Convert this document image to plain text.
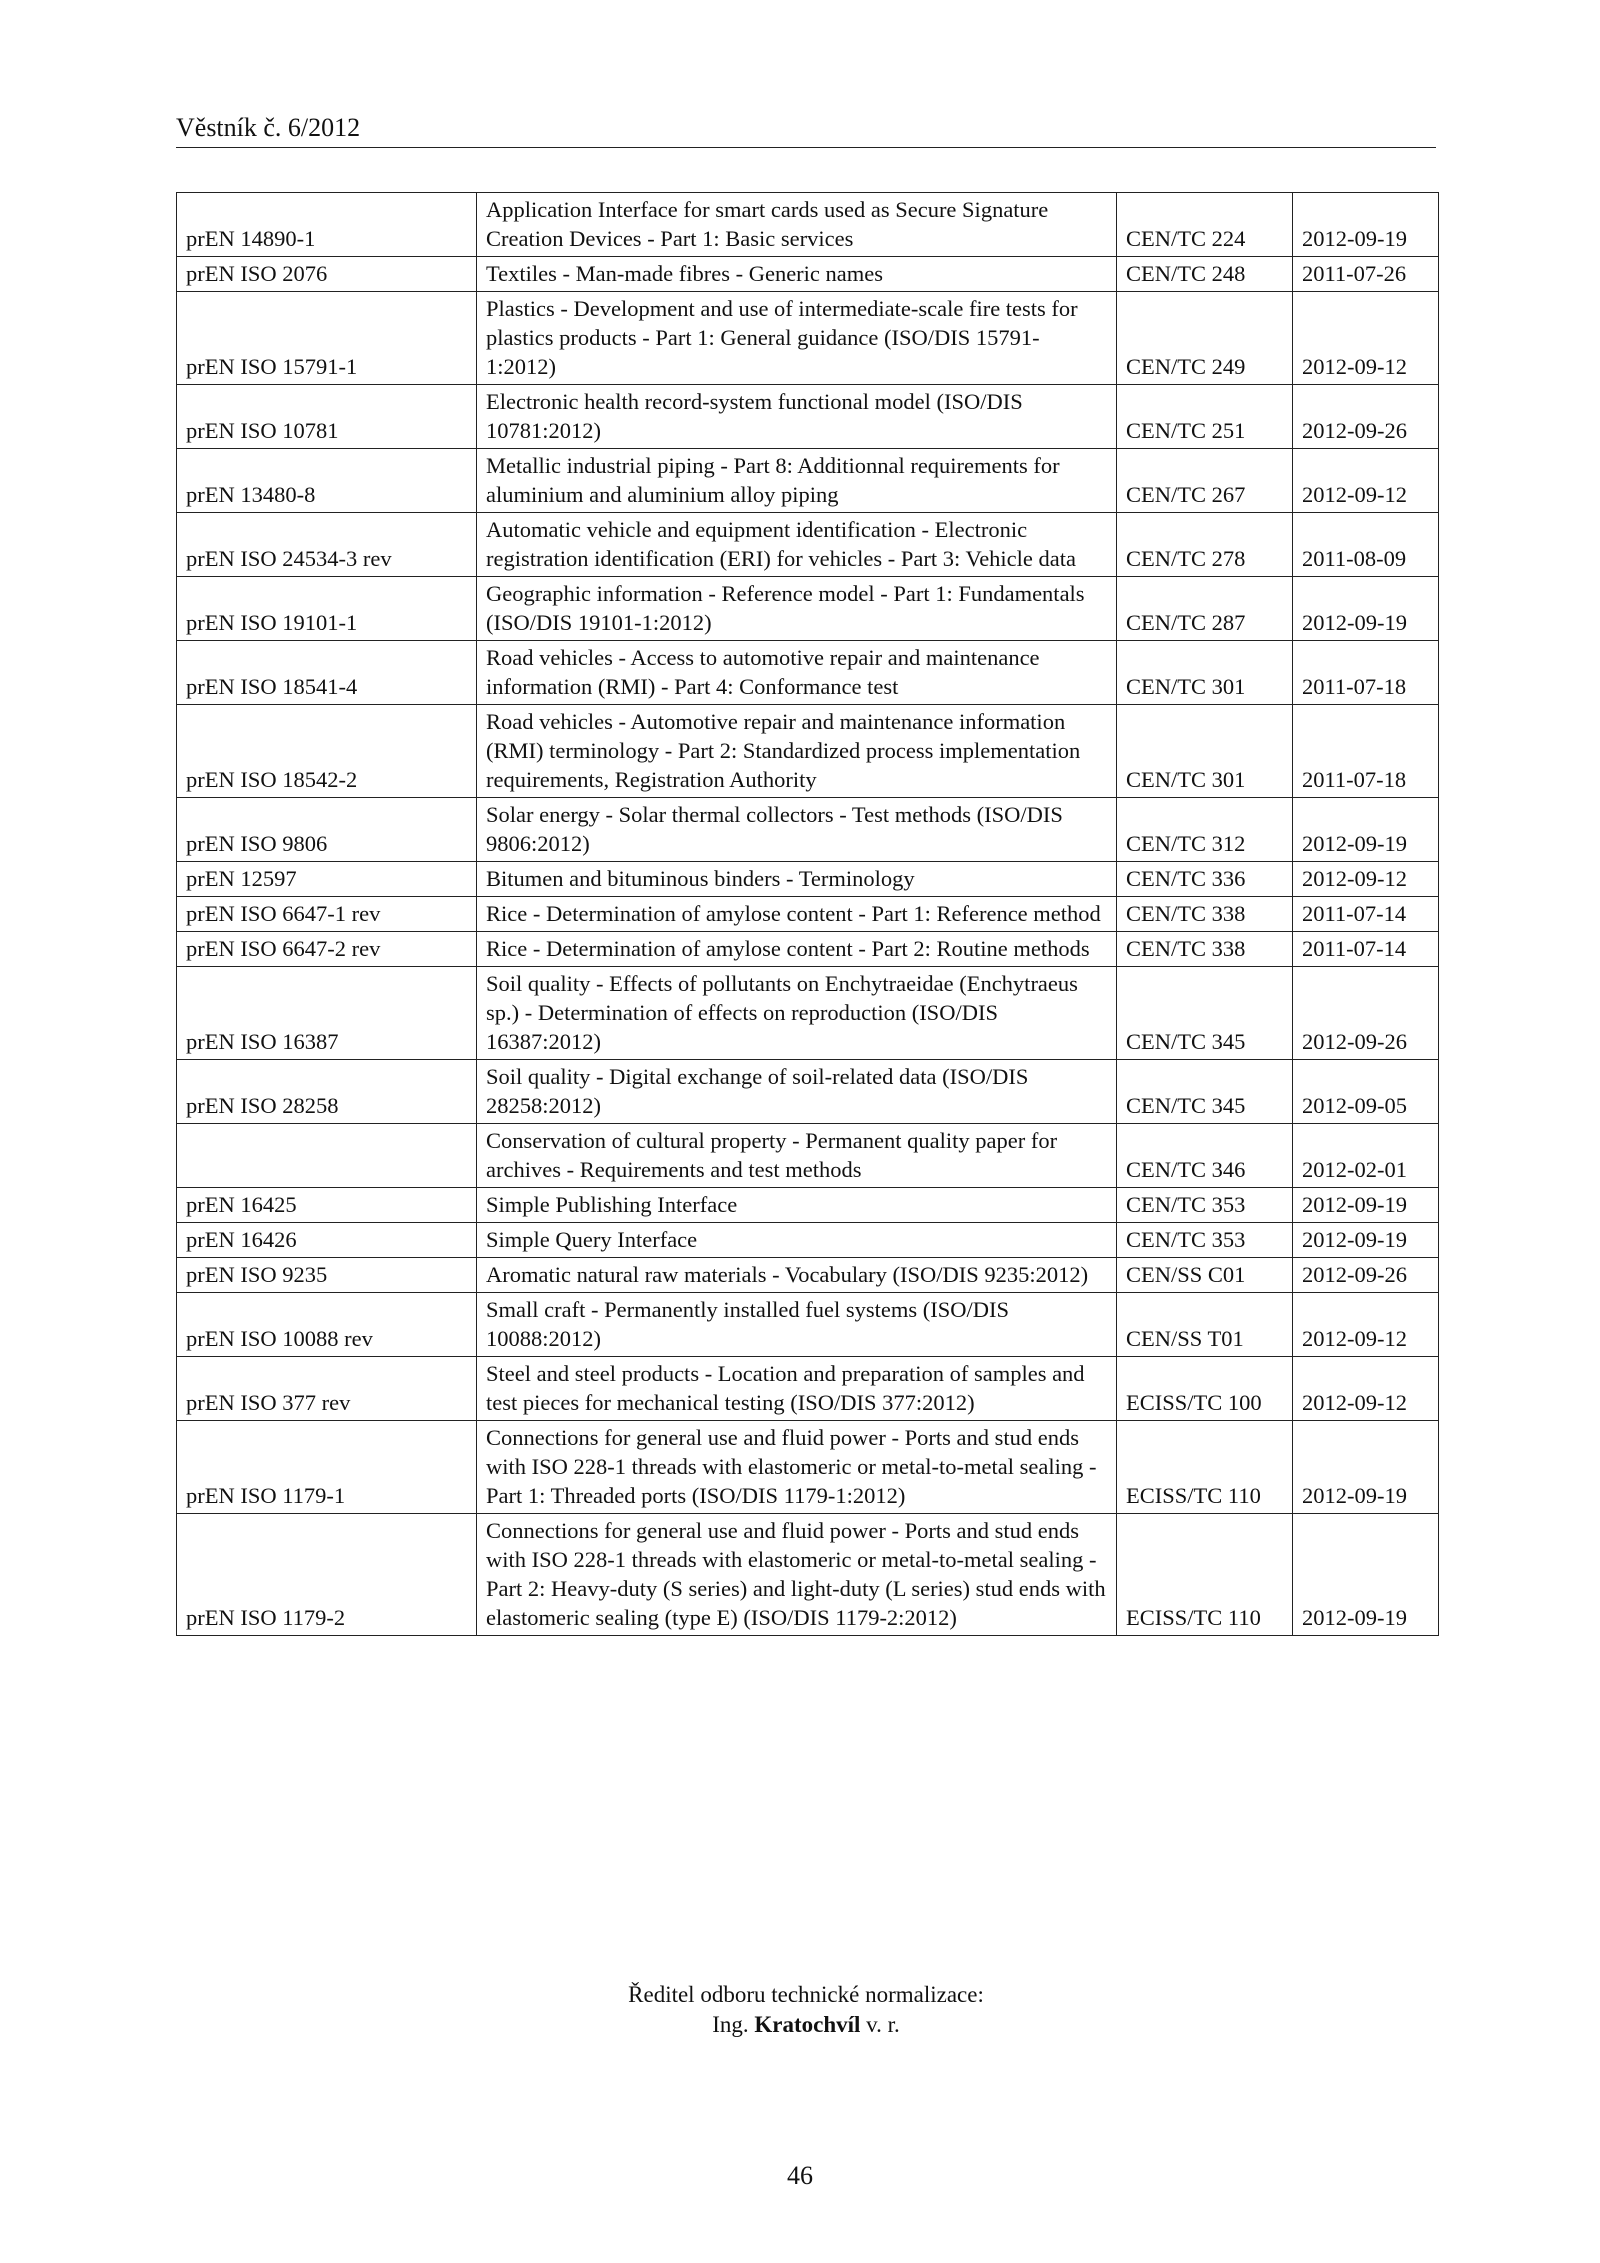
Věstník č. 6/2012
prEN 14890-1	Application Interface for smart cards used as Secure Signature Creation Devices - Part 1: Basic services	CEN/TC 224	2012-09-19
prEN ISO 2076	Textiles - Man-made fibres - Generic names	CEN/TC 248	2011-07-26
prEN ISO 15791-1	Plastics - Development and use of intermediate-scale fire tests for plastics products - Part 1: General guidance (ISO/DIS 15791-1:2012)	CEN/TC 249	2012-09-12
prEN ISO 10781	Electronic health record-system functional model (ISO/DIS 10781:2012)	CEN/TC 251	2012-09-26
prEN 13480-8	Metallic industrial piping - Part 8: Additionnal requirements for aluminium and aluminium alloy piping	CEN/TC 267	2012-09-12
prEN ISO 24534-3 rev	Automatic vehicle and equipment identification - Electronic registration identification (ERI) for vehicles - Part 3: Vehicle data	CEN/TC 278	2011-08-09
prEN ISO 19101-1	Geographic information - Reference model - Part 1: Fundamentals (ISO/DIS 19101-1:2012)	CEN/TC 287	2012-09-19
prEN ISO 18541-4	Road vehicles - Access to automotive repair and maintenance information (RMI) - Part 4: Conformance test	CEN/TC 301	2011-07-18
prEN ISO 18542-2	Road vehicles - Automotive repair and maintenance information (RMI) terminology - Part 2: Standardized process implementation requirements, Registration Authority	CEN/TC 301	2011-07-18
prEN ISO 9806	Solar energy - Solar thermal collectors - Test methods (ISO/DIS 9806:2012)	CEN/TC 312	2012-09-19
prEN 12597	Bitumen and bituminous binders - Terminology	CEN/TC 336	2012-09-12
prEN ISO 6647-1 rev	Rice - Determination of amylose content - Part 1: Reference method	CEN/TC 338	2011-07-14
prEN ISO 6647-2 rev	Rice - Determination of amylose content - Part 2: Routine methods	CEN/TC 338	2011-07-14
prEN ISO 16387	Soil quality - Effects of pollutants on Enchytraeidae (Enchytraeus sp.) - Determination of effects on reproduction (ISO/DIS 16387:2012)	CEN/TC 345	2012-09-26
prEN ISO 28258	Soil quality - Digital exchange of soil-related data (ISO/DIS 28258:2012)	CEN/TC 345	2012-09-05
	Conservation of cultural property - Permanent quality paper for archives - Requirements and test methods	CEN/TC 346	2012-02-01
prEN 16425	Simple Publishing Interface	CEN/TC 353	2012-09-19
prEN 16426	Simple Query Interface	CEN/TC 353	2012-09-19
prEN ISO 9235	Aromatic natural raw materials - Vocabulary (ISO/DIS 9235:2012)	CEN/SS C01	2012-09-26
prEN ISO 10088 rev	Small craft - Permanently installed fuel systems (ISO/DIS 10088:2012)	CEN/SS T01	2012-09-12
prEN ISO 377 rev	Steel and steel products - Location and preparation of samples and test pieces for mechanical testing (ISO/DIS 377:2012)	ECISS/TC 100	2012-09-12
prEN ISO 1179-1	Connections for general use and fluid power - Ports and stud ends with ISO 228-1 threads with elastomeric or metal-to-metal sealing - Part 1: Threaded ports (ISO/DIS 1179-1:2012)	ECISS/TC 110	2012-09-19
prEN ISO 1179-2	Connections for general use and fluid power - Ports and stud ends with ISO 228-1 threads with elastomeric or metal-to-metal sealing - Part 2: Heavy-duty (S series) and light-duty (L series) stud ends with elastomeric sealing (type E) (ISO/DIS 1179-2:2012)	ECISS/TC 110	2012-09-19
Ředitel odboru technické normalizace:
Ing. Kratochvíl v. r.
46
